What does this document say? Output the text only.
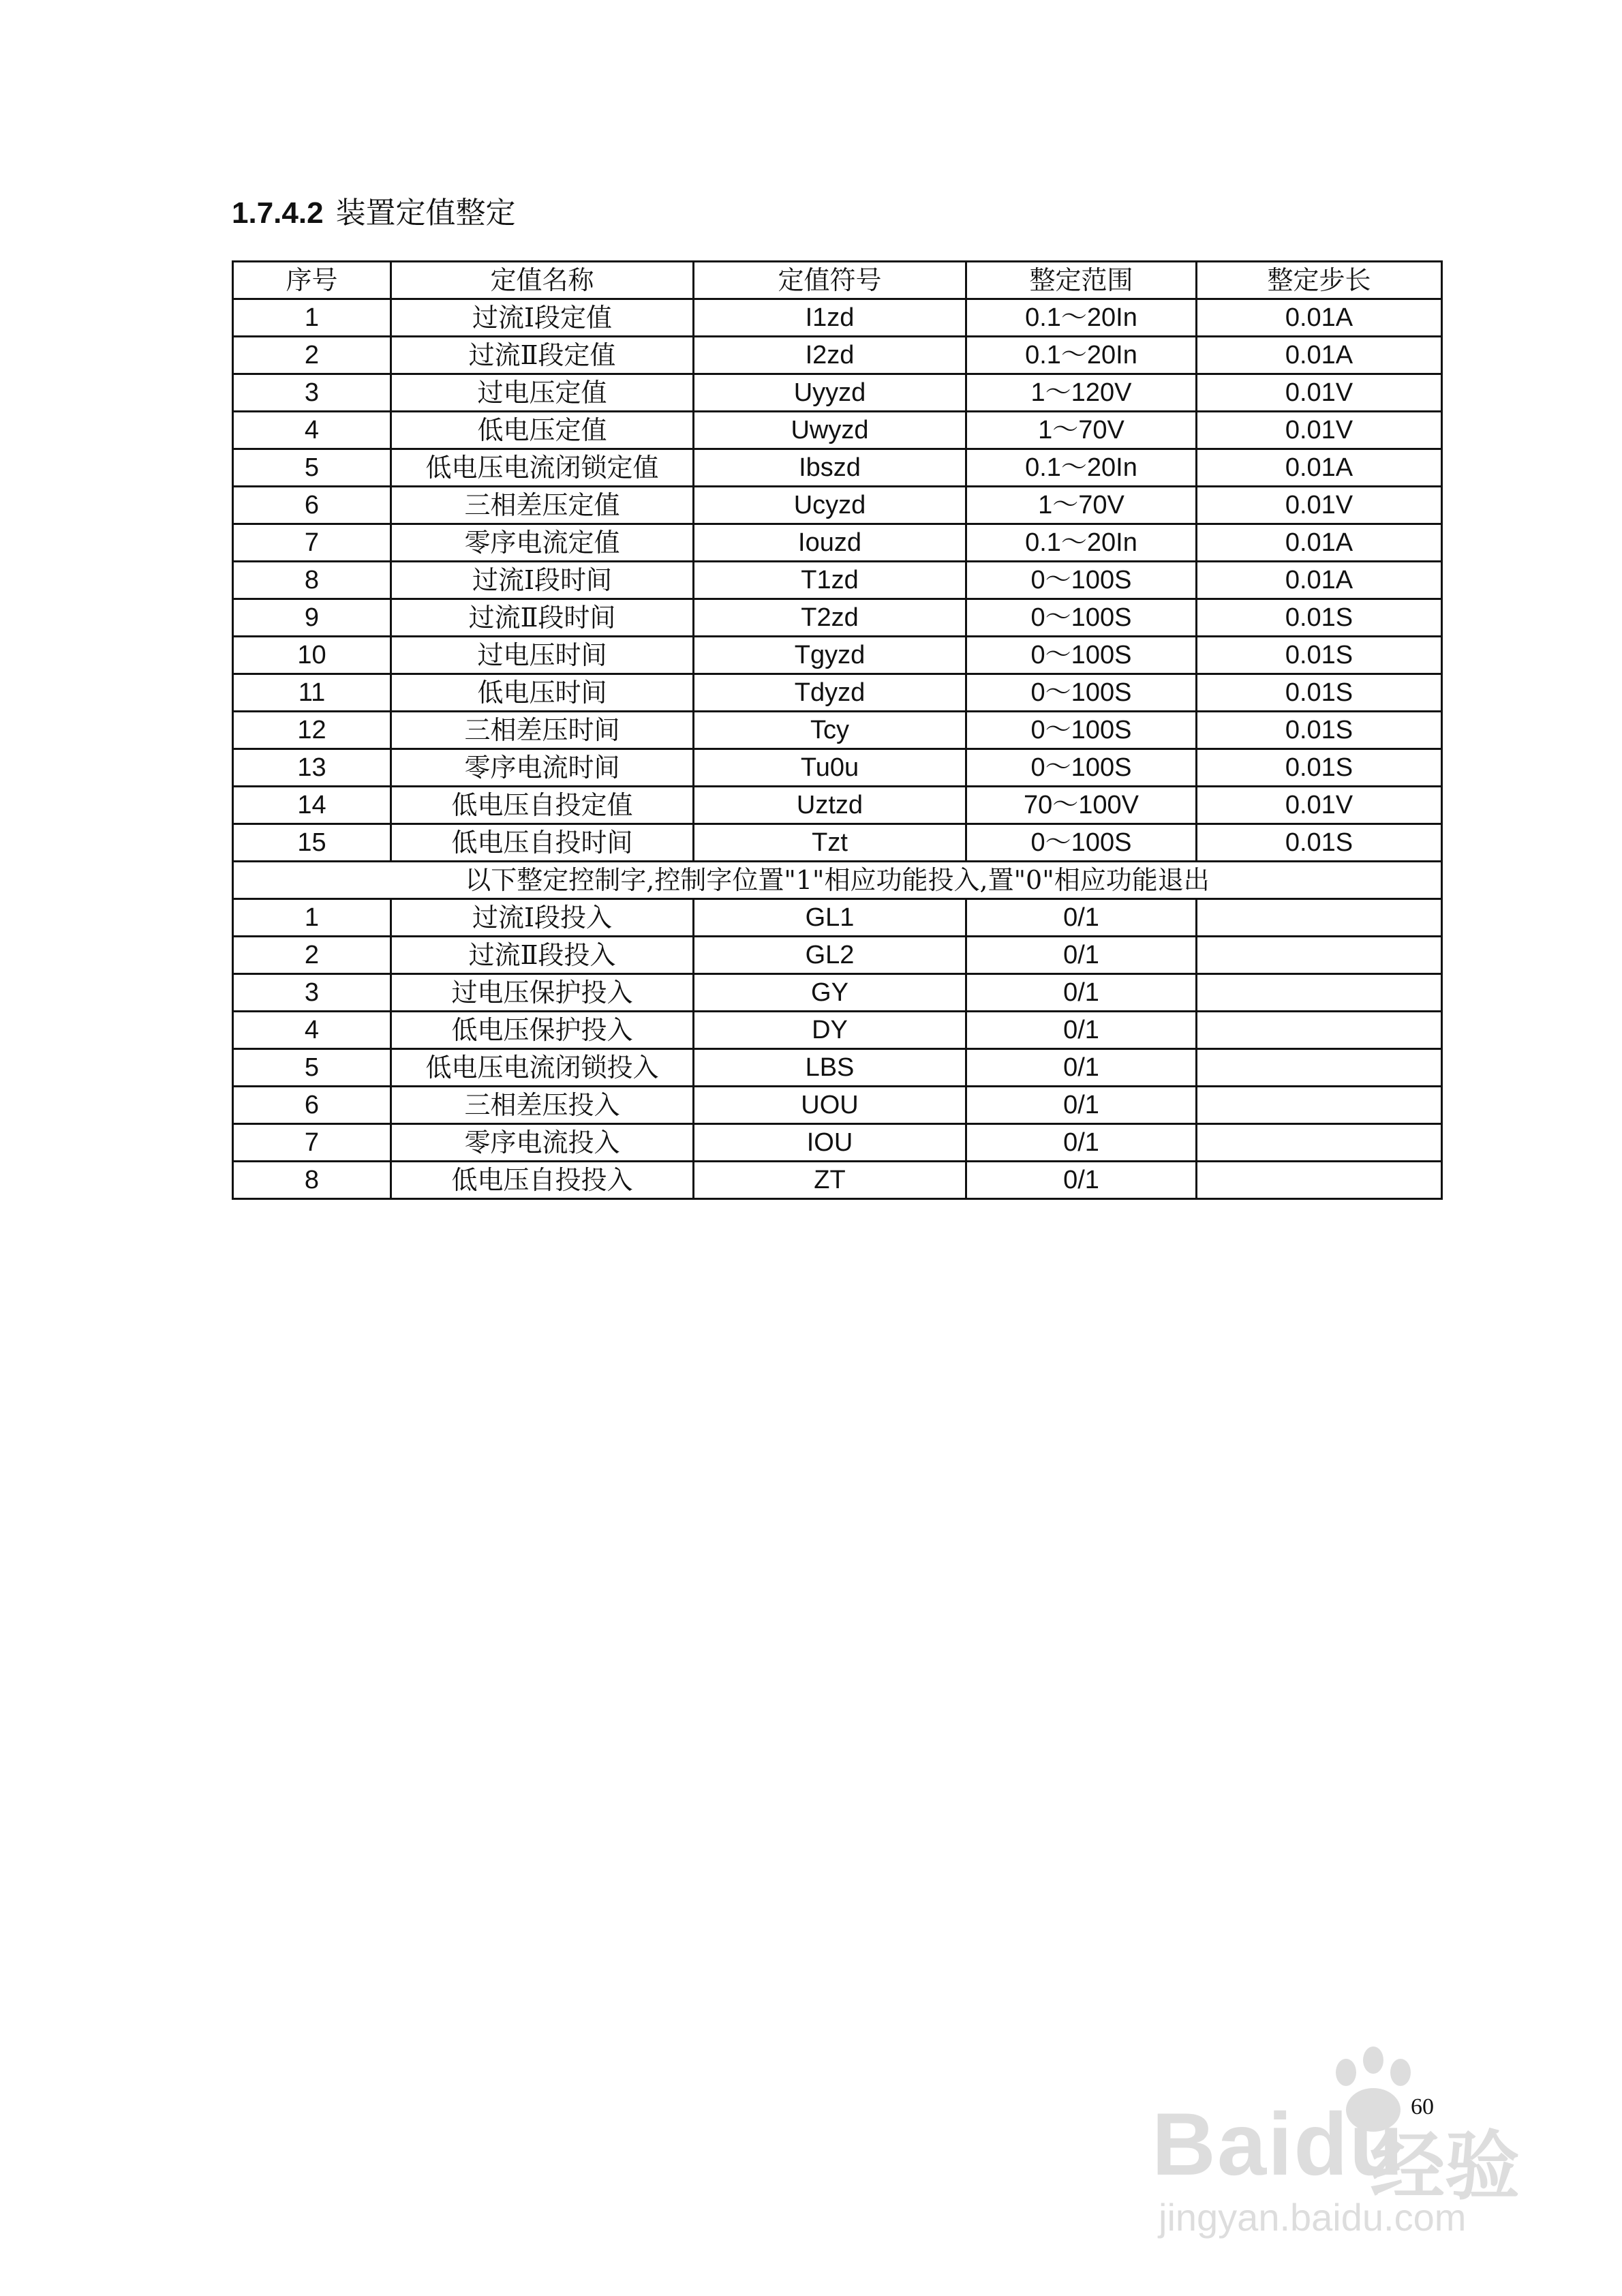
1.7.4.2 装置定值整定
序号	定值名称	定值符号	整定范围	整定步长
1	过流Ⅰ段定值	I1zd	0.1～20In	0.01A
2	过流Ⅱ段定值	I2zd	0.1～20In	0.01A
3	过电压定值	Uyyzd	1～120V	0.01V
4	低电压定值	Uwyzd	1～70V	0.01V
5	低电压电流闭锁定值	Ibszd	0.1～20In	0.01A
6	三相差压定值	Ucyzd	1～70V	0.01V
7	零序电流定值	Iouzd	0.1～20In	0.01A
8	过流Ⅰ段时间	T1zd	0～100S	0.01A
9	过流Ⅱ段时间	T2zd	0～100S	0.01S
10	过电压时间	Tgyzd	0～100S	0.01S
11	低电压时间	Tdyzd	0～100S	0.01S
12	三相差压时间	Tcy	0～100S	0.01S
13	零序电流时间	Tu0u	0～100S	0.01S
14	低电压自投定值	Uztzd	70～100V	0.01V
15	低电压自投时间	Tzt	0～100S	0.01S
以下整定控制字,控制字位置"1"相应功能投入,置"0"相应功能退出				
1	过流Ⅰ段投入	GL1	0/1	
2	过流Ⅱ段投入	GL2	0/1	
3	过电压保护投入	GY	0/1	
4	低电压保护投入	DY	0/1	
5	低电压电流闭锁投入	LBS	0/1	
6	三相差压投入	UOU	0/1	
7	零序电流投入	IOU	0/1	
8	低电压自投投入	ZT	0/1	
60
Baidu
经验
jingyan.baidu.com
